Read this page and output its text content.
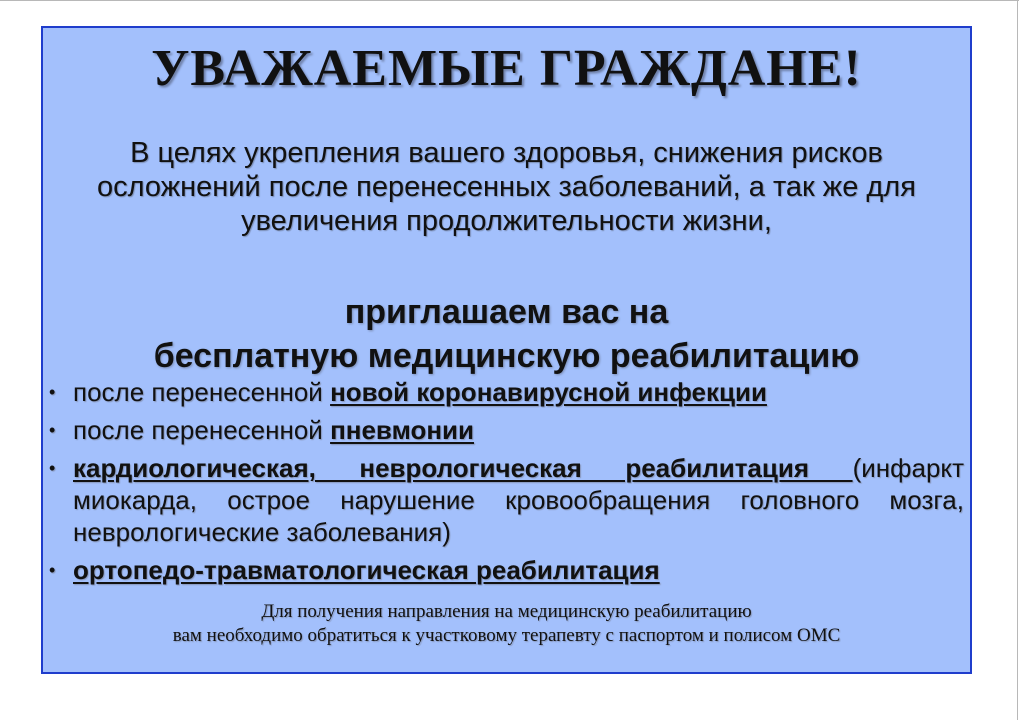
УВАЖАЕМЫЕ ГРАЖДАНЕ!
В целях укрепления вашего здоровья, снижения рисков осложнений после перенесенных заболеваний, а так же для увеличения продолжительности жизни,
приглашаем вас на
бесплатную медицинскую реабилитацию
• после перенесенной новой коронавирусной инфекции
• после перенесенной пневмонии
• кардиологическая, неврологическая реабилитация (инфаркт миокарда, острое нарушение кровообращения головного мозга, неврологические заболевания)
• ортопедо-травматологическая реабилитация
Для получения направления на медицинскую реабилитацию
вам необходимо обратиться к участковому терапевту с паспортом и полисом ОМС
